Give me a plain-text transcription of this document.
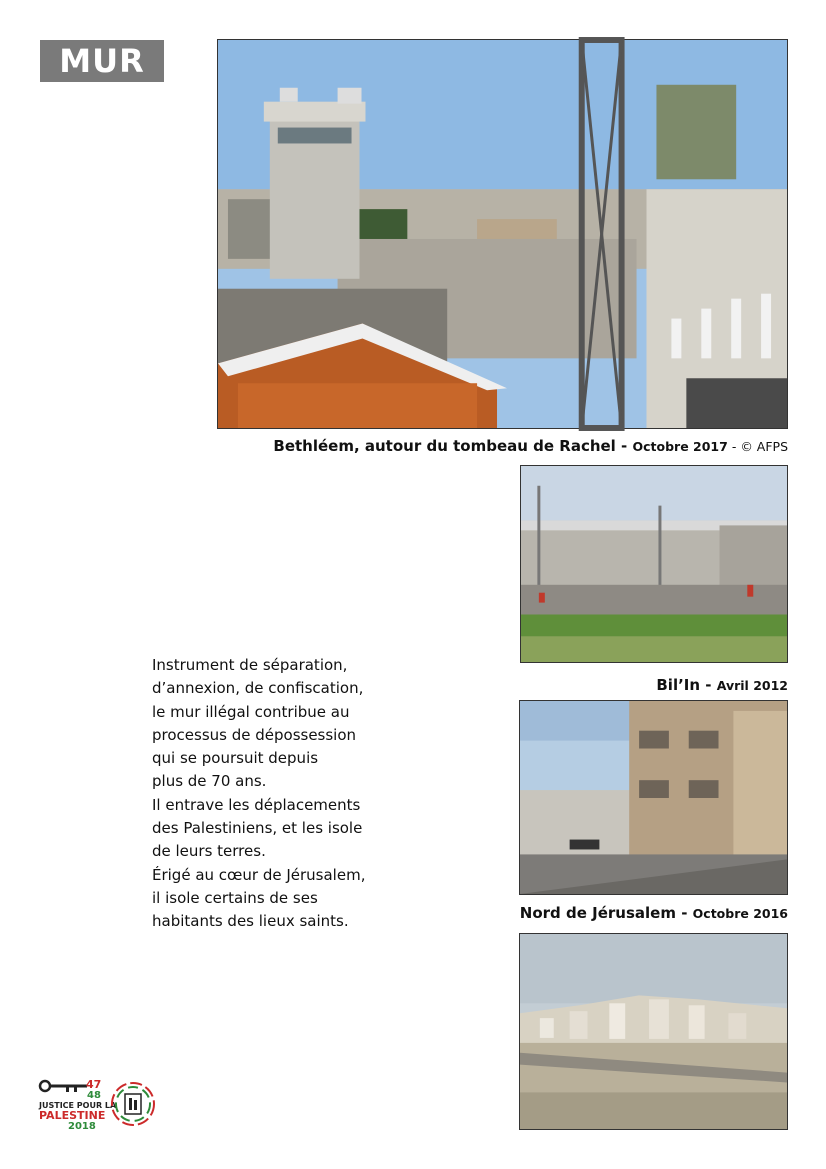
MUR
Bethléem, autour du tombeau de Rachel - Octobre 2017 - © AFPS
Bil’In - Avril 2012
Nord de Jérusalem - Octobre 2016
Instrument de séparation,
d’annexion, de confiscation,
le mur illégal contribue au
processus de dépossession
qui se poursuit depuis
plus de 70 ans.
Il entrave les déplacements
des Palestiniens, et les isole
de leurs terres.
Érigé au cœur de Jérusalem,
il isole certains de ses
habitants des lieux saints.
47
48
JUSTICE POUR LA
PALESTINE
2018
